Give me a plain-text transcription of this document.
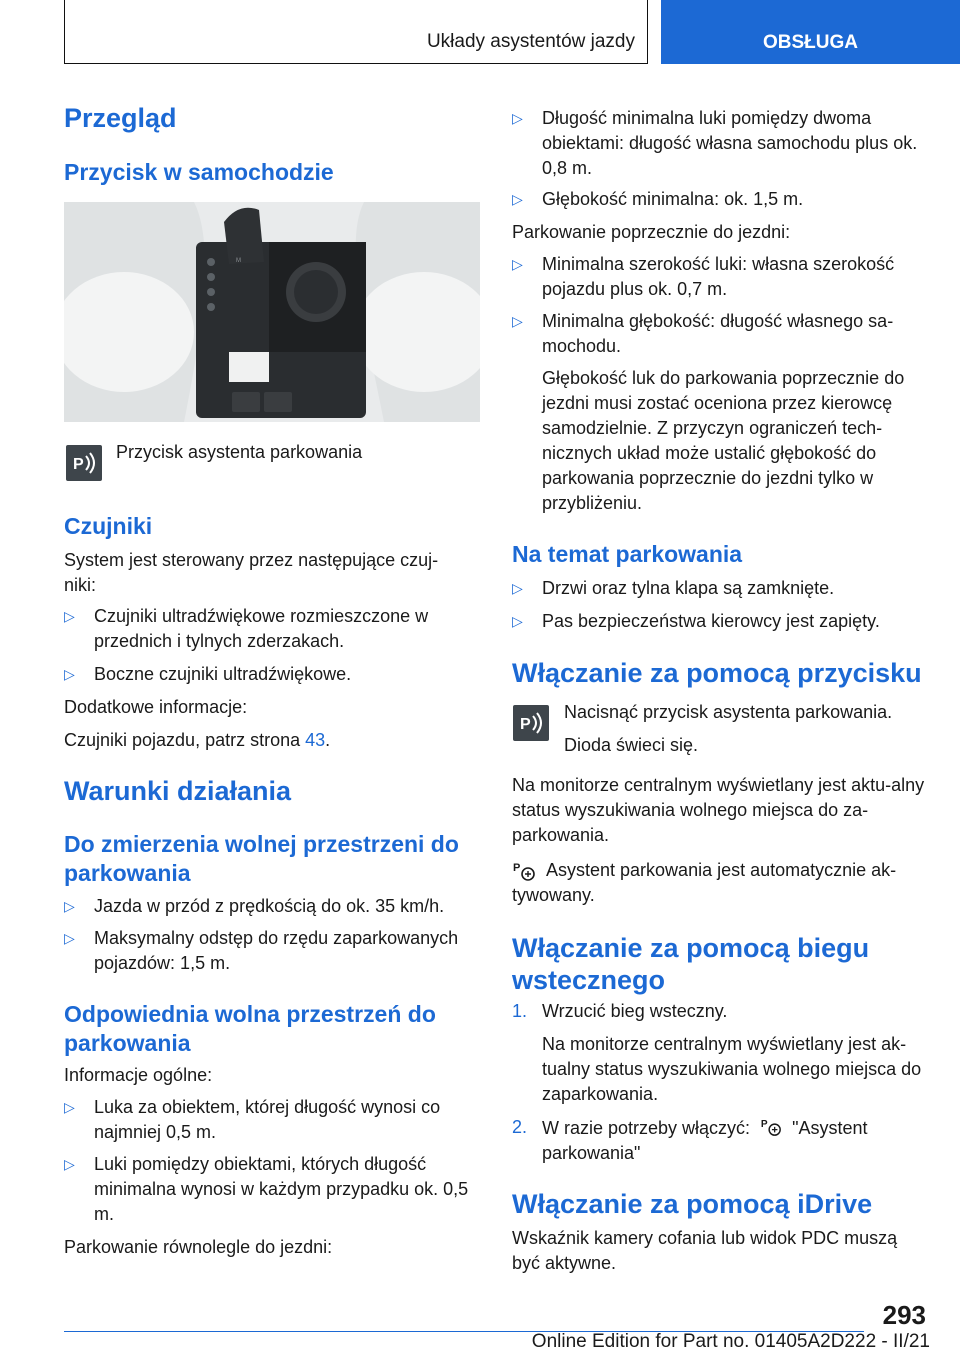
Układy asystentów jazdy	OBSŁUGA
Przegląd
Przycisk w samochodzie
M
P
Przycisk asystenta parkowania
Czujniki
System jest sterowany przez następujące czuj‐niki:
▷ Czujniki ultradźwiękowe rozmieszczone w przednich i tylnych zderzakach.
▷ Boczne czujniki ultradźwiękowe.
Dodatkowe informacje:
Czujniki pojazdu, patrz strona 43.
Warunki działania
Do zmierzenia wolnej przestrzeni do parkowania
▷ Jazda w przód z prędkością do ok. 35 km/h.
▷ Maksymalny odstęp do rzędu zaparkowanych pojazdów: 1,5 m.
Odpowiednia wolna przestrzeń do parkowania
Informacje ogólne:
▷ Luka za obiektem, której długość wynosi co najmniej 0,5 m.
▷ Luki pomiędzy obiektami, których długość minimalna wynosi w każdym przypadku ok. 0,5 m.
Parkowanie równolegle do jezdni:
▷ Długość minimalna luki pomiędzy dwoma obiektami: długość własna samochodu plus ok. 0,8 m.
▷ Głębokość minimalna: ok. 1,5 m.
Parkowanie poprzecznie do jezdni:
▷ Minimalna szerokość luki: własna szerokość pojazdu plus ok. 0,7 m.
▷ Minimalna głębokość: długość własnego sa‐mochodu.
Głębokość luk do parkowania poprzecznie do jezdni musi zostać oceniona przez kierowcę samodzielnie. Z przyczyn ograniczeń tech‐nicznych układ może ustalić głębokość do parkowania poprzecznie do jezdni tylko w przybliżeniu.
Na temat parkowania
▷ Drzwi oraz tylna klapa są zamknięte.
▷ Pas bezpieczeństwa kierowcy jest zapięty.
Włączanie za pomocą przycisku
P
Nacisnąć przycisk asystenta parkowania.
Dioda świeci się.
Na monitorze centralnym wyświetlany jest aktu‐alny status wyszukiwania wolnego miejsca do za‐parkowania.
P	Asystent parkowania jest automatycznie ak‐tywowany.
Włączanie za pomocą biegu wstecznego
1. Wrzucić bieg wsteczny.
Na monitorze centralnym wyświetlany jest ak‐tualny status wyszukiwania wolnego miejsca do zaparkowania.
2. W razie potrzeby włączyć: P "Asystent parkowania"
Włączanie za pomocą iDrive
Wskaźnik kamery cofania lub widok PDC muszą być aktywne.
293
Online Edition for Part no. 01405A2D222 - II/21
